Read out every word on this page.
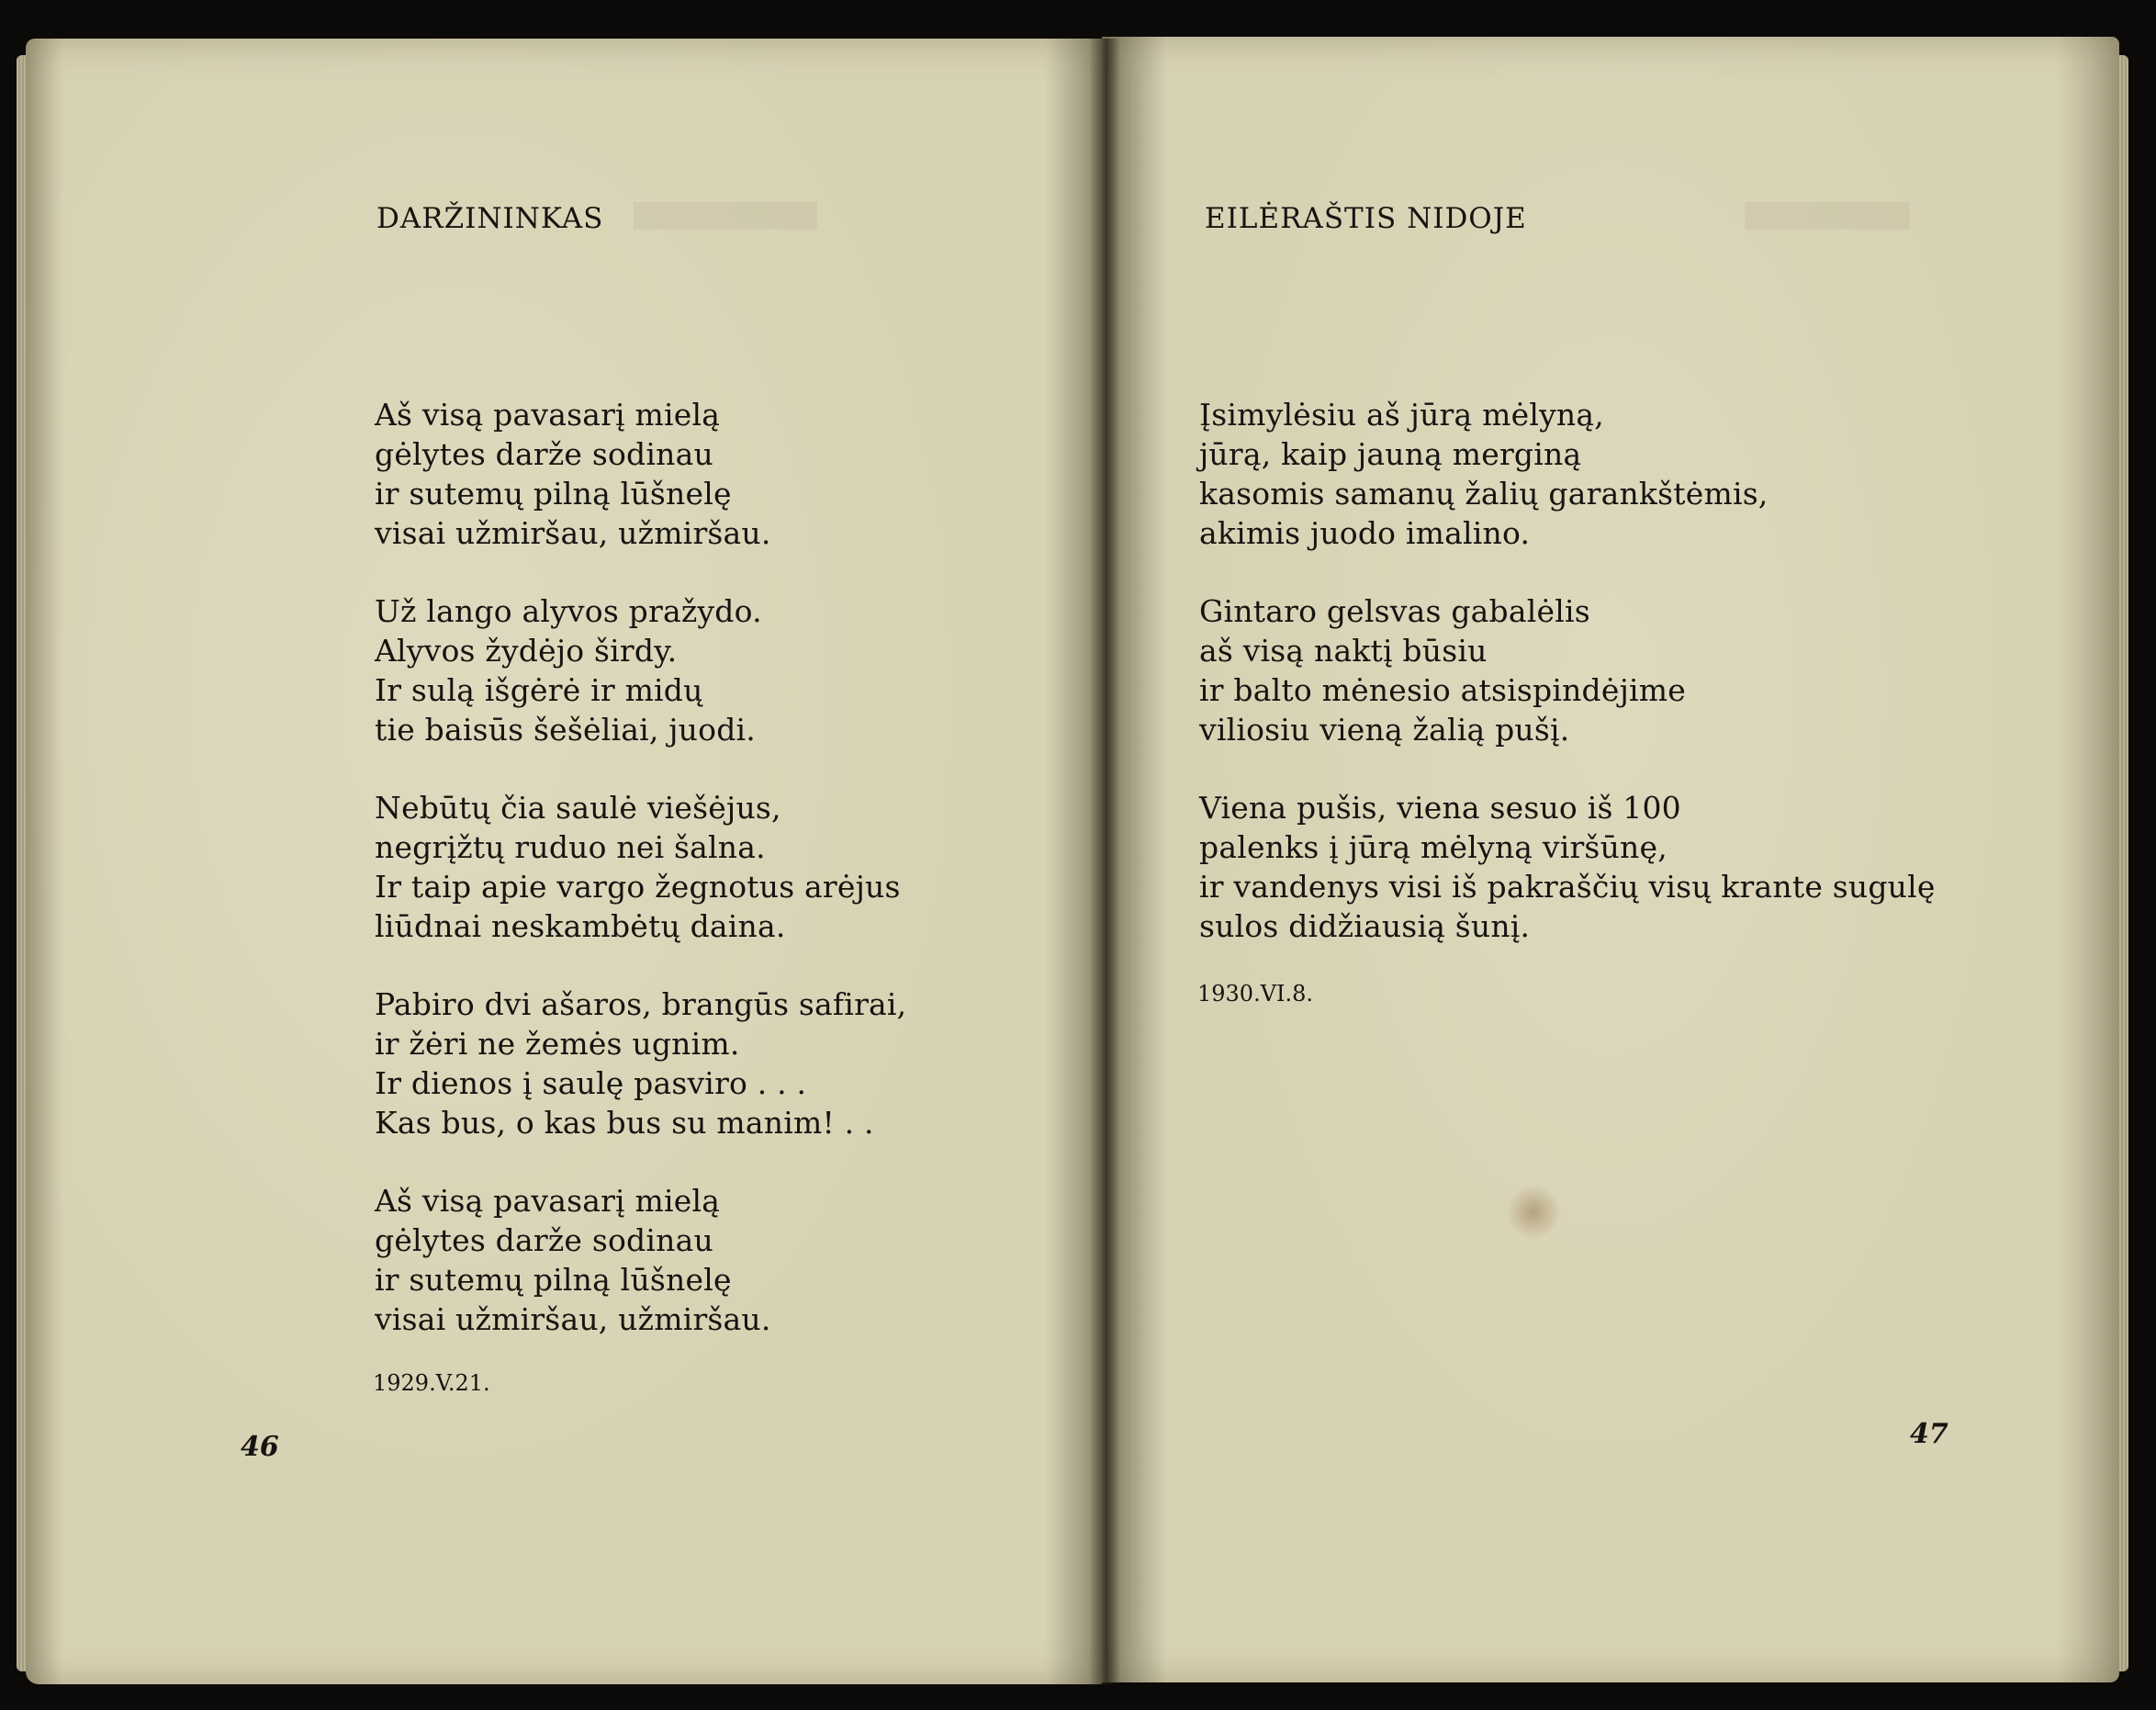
DARŽININKAS
Aš visą pavasarį mielą
gėlytes darže sodinau
ir sutemų pilną lūšnelę
visai užmiršau, užmiršau.
Už lango alyvos pražydo.
Alyvos žydėjo širdy.
Ir sulą išgėrė ir midų
tie baisūs šešėliai, juodi.
Nebūtų čia saulė viešėjus,
negrįžtų ruduo nei šalna.
Ir taip apie vargo žegnotus arėjus
liūdnai neskambėtų daina.
Pabiro dvi ašaros, brangūs safirai,
ir žėri ne žemės ugnim.
Ir dienos į saulę pasviro . . .
Kas bus, o kas bus su manim! . .
Aš visą pavasarį mielą
gėlytes darže sodinau
ir sutemų pilną lūšnelę
visai užmiršau, užmiršau.
1929.V.21.
46
EILĖRAŠTIS NIDOJE
Įsimylėsiu aš jūrą mėlyną,
jūrą, kaip jauną merginą
kasomis samanų žalių garankštėmis,
akimis juodo imalino.
Gintaro gelsvas gabalėlis
aš visą naktį būsiu
ir balto mėnesio atsispindėjime
viliosiu vieną žalią pušį.
Viena pušis, viena sesuo iš 100
palenks į jūrą mėlyną viršūnę,
ir vandenys visi iš pakraščių visų krante sugulę
sulos didžiausią šunį.
1930.VI.8.
47
